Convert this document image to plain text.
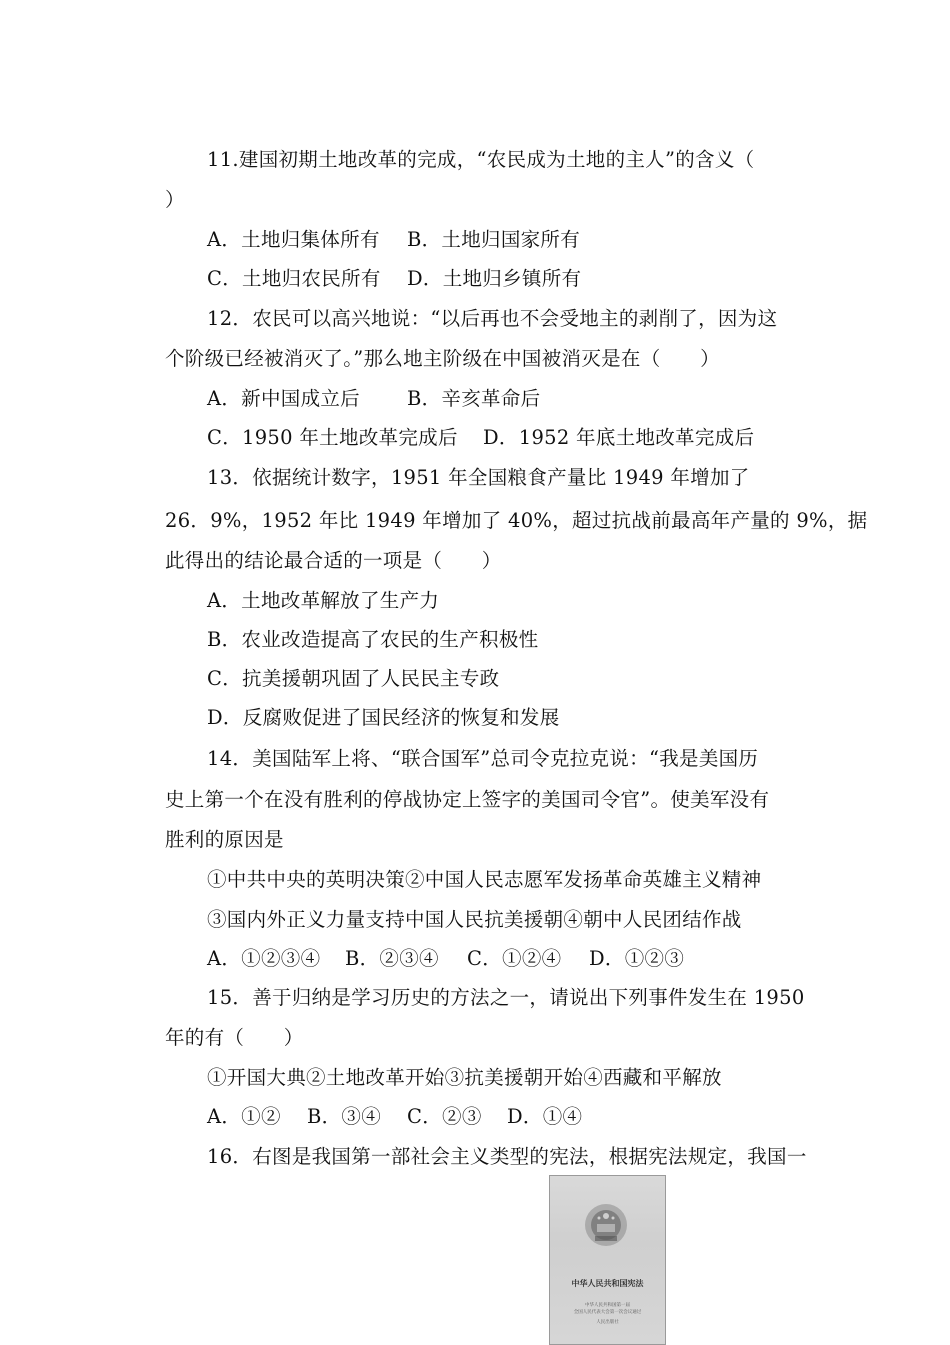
11.建国初期土地改革的完成，“农民成为土地的主人”的含义（
）
A．土地归集体所有 B．土地归国家所有
C．土地归农民所有 D．土地归乡镇所有
12．农民可以高兴地说：“以后再也不会受地主的剥削了，因为这
个阶级已经被消灭了。”那么地主阶级在中国被消灭是在（　　）
A．新中国成立后 B．辛亥革命后
C．1950 年土地改革完成后 D．1952 年底土地改革完成后
13．依据统计数字，1951 年全国粮食产量比 1949 年增加了
26．9%，1952 年比 1949 年增加了 40%，超过抗战前最高年产量的 9%，据
此得出的结论最合适的一项是（　　）
A．土地改革解放了生产力
B．农业改造提高了农民的生产积极性
C．抗美援朝巩固了人民民主专政
D．反腐败促进了国民经济的恢复和发展
14．美国陆军上将、“联合国军”总司令克拉克说：“我是美国历
史上第一个在没有胜利的停战协定上签字的美国司令官”。使美军没有
胜利的原因是
①中共中央的英明决策②中国人民志愿军发扬革命英雄主义精神
③国内外正义力量支持中国人民抗美援朝④朝中人民团结作战
A．①②③④ B．②③④ C．①②④ D．①②③
15．善于归纳是学习历史的方法之一，请说出下列事件发生在 1950
年的有（　　）
①开国大典②土地改革开始③抗美援朝开始④西藏和平解放
A．①② B．③④ C．②③ D．①④
16．右图是我国第一部社会主义类型的宪法，根据宪法规定，我国一
中华人民共和国宪法
中华人民共和国第一届
全国人民代表大会第一次会议通过
人民出版社
